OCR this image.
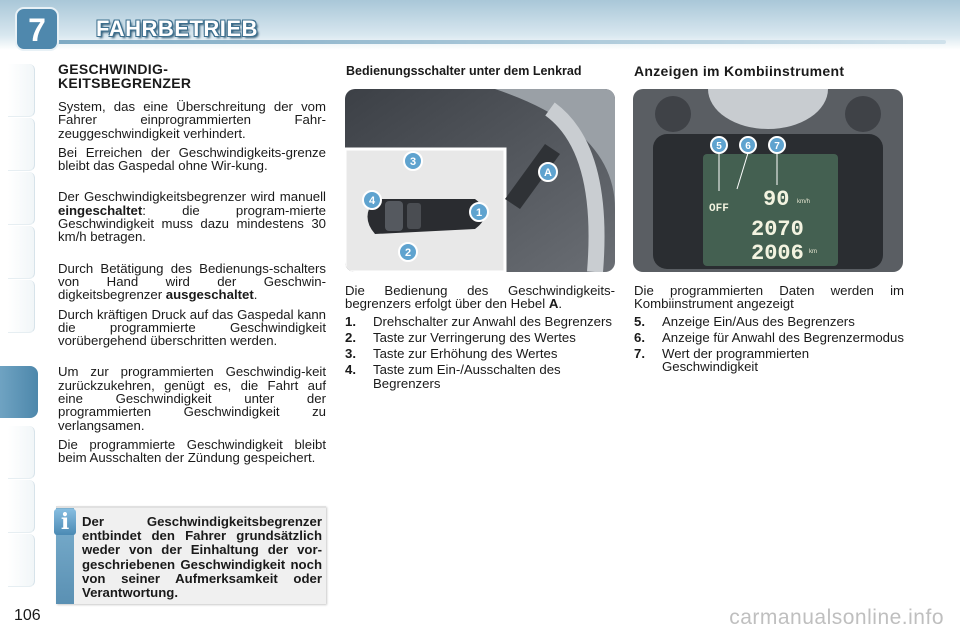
7 FAHRBETRIEB
GESCHWINDIG-
KEITSBEGRENZER

System, das eine Überschreitung der vom Fahrer einprogrammierten Fahr-zeuggeschwindigkeit verhindert.

Bei Erreichen der Geschwindigkeits-grenze bleibt das Gaspedal ohne Wir-kung.

Der Geschwindigkeitsbegrenzer wird manuell eingeschaltet: die program-mierte Geschwindigkeit muss dazu mindestens 30 km/h betragen.

Durch Betätigung des Bedienungs-schalters von Hand wird der Geschwin-digkeitsbegrenzer ausgeschaltet.

Durch kräftigen Druck auf das Gaspedal kann die programmierte Geschwindigkeit vorübergehend überschritten werden.

Um zur programmierten Geschwindig-keit zurückzukehren, genügt es, die Fahrt auf eine Geschwindigkeit unter der programmierten Geschwindigkeit zu verlangsamen.

Die programmierte Geschwindigkeit bleibt beim Ausschalten der Zündung gespeichert.

i Der Geschwindigkeitsbegrenzer entbindet den Fahrer grundsätzlich weder von der Einhaltung der vor-geschriebenen Geschwindigkeit noch von seiner Aufmerksamkeit oder Verantwortung.
Bedienungsschalter unter dem Lenkrad
3
A
4
1
2

Die Bedienung des Geschwindigkeits-begrenzers erfolgt über den Hebel A.

1. Drehschalter zur Anwahl des Begrenzers
2. Taste zur Verringerung des Wertes
3. Taste zur Erhöhung des Wertes
4. Taste zum Ein-/Ausschalten des Begrenzers
Anzeigen im Kombiinstrument
OFF 90 km/h
2070
2006 km
5 6 7

Die programmierten Daten werden im Kombiinstrument angezeigt

5. Anzeige Ein/Aus des Begrenzers
6. Anzeige für Anwahl des Begrenzermodus
7. Wert der programmierten Geschwindigkeit
106	carmanualsonline.info
